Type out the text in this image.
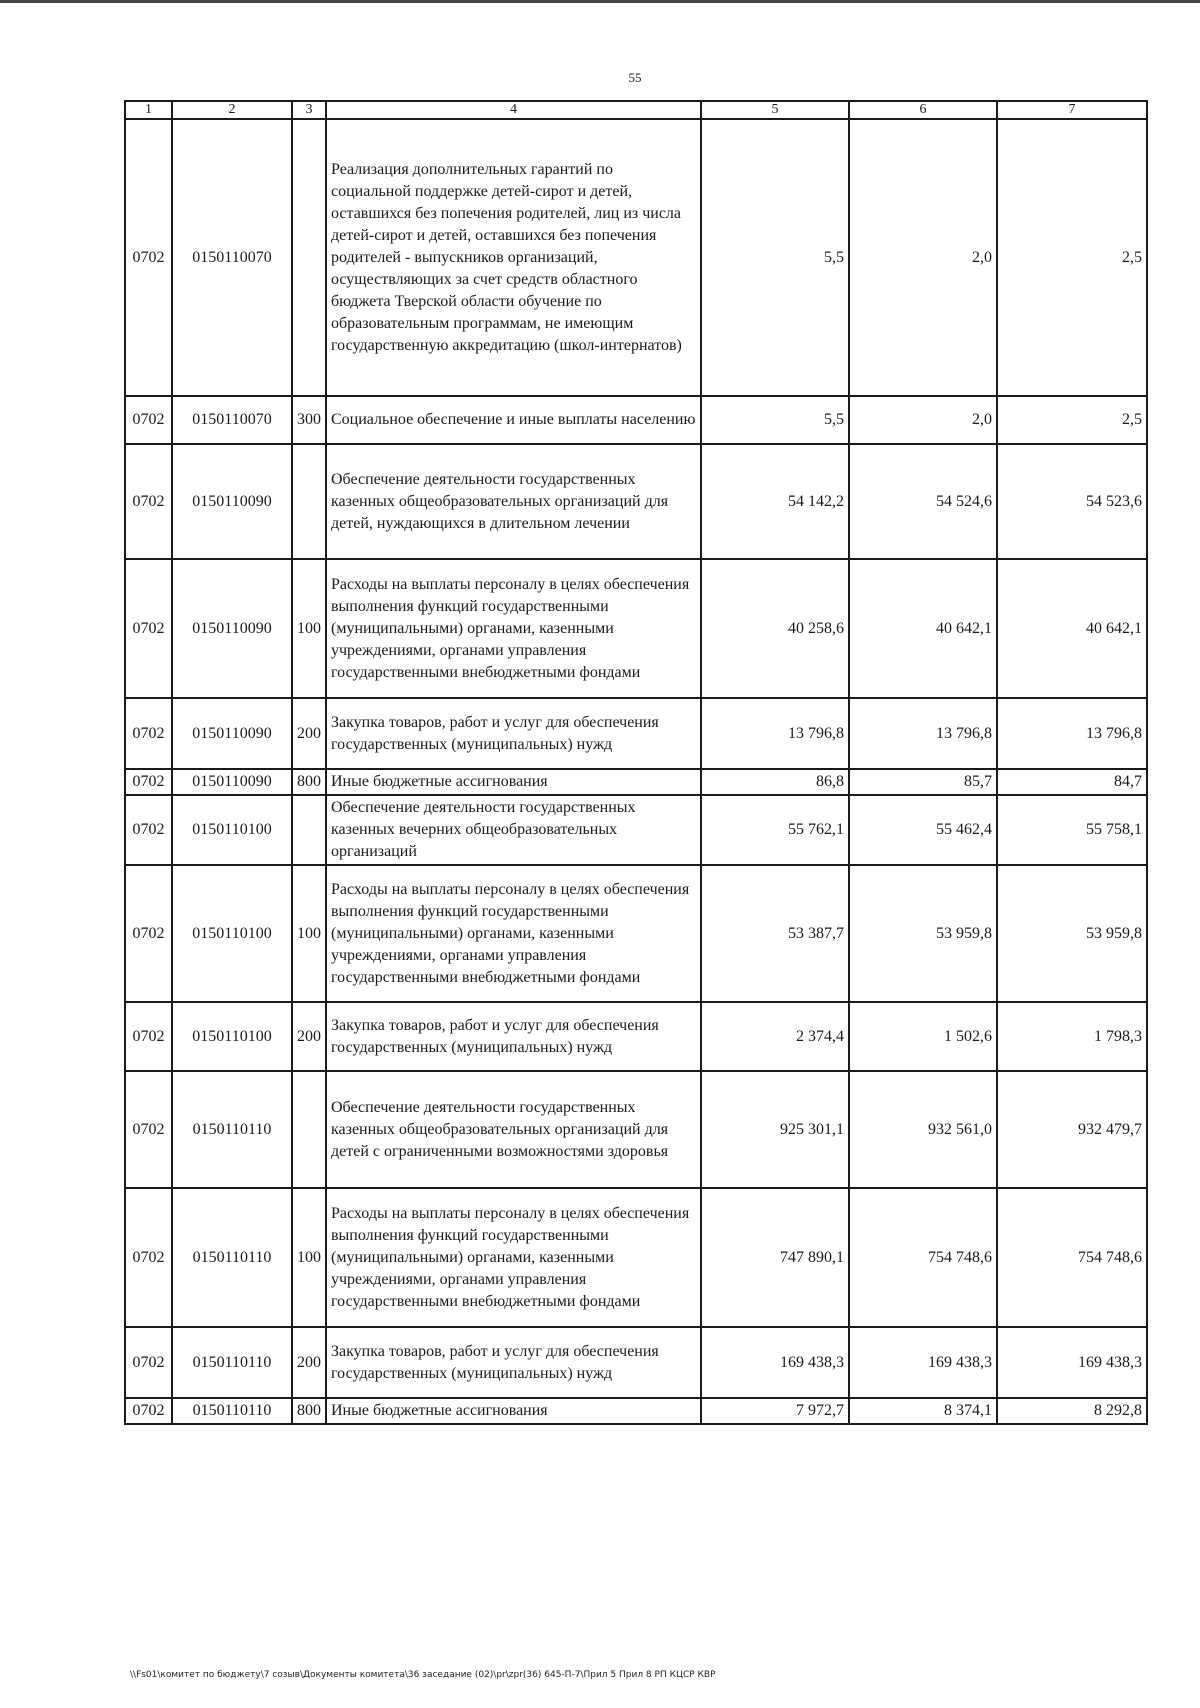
55
1	2	3	4	5	6	7
0702	0150110070		Реализация дополнительных гарантий по социальной поддержке детей-сирот и детей, оставшихся без попечения родителей, лиц из числа детей-сирот и детей, оставшихся без попечения родителей - выпускников организаций, осуществляющих за счет средств областного бюджета Тверской области обучение по образовательным программам, не имеющим государственную аккредитацию (школ-интернатов)	5,5	2,0	2,5
0702	0150110070	300	Социальное обеспечение и иные выплаты населению	5,5	2,0	2,5
0702	0150110090		Обеспечение деятельности государственных казенных общеобразовательных организаций для детей, нуждающихся в длительном лечении	54 142,2	54 524,6	54 523,6
0702	0150110090	100	Расходы на выплаты персоналу в целях обеспечения выполнения функций государственными (муниципальными) органами, казенными учреждениями, органами управления государственными внебюджетными фондами	40 258,6	40 642,1	40 642,1
0702	0150110090	200	Закупка товаров, работ и услуг для обеспечения государственных (муниципальных) нужд	13 796,8	13 796,8	13 796,8
0702	0150110090	800	Иные бюджетные ассигнования	86,8	85,7	84,7
0702	0150110100		Обеспечение деятельности государственных казенных вечерних общеобразовательных организаций	55 762,1	55 462,4	55 758,1
0702	0150110100	100	Расходы на выплаты персоналу в целях обеспечения выполнения функций государственными (муниципальными) органами, казенными учреждениями, органами управления государственными внебюджетными фондами	53 387,7	53 959,8	53 959,8
0702	0150110100	200	Закупка товаров, работ и услуг для обеспечения государственных (муниципальных) нужд	2 374,4	1 502,6	1 798,3
0702	0150110110		Обеспечение деятельности государственных казенных общеобразовательных организаций для детей с ограниченными возможностями здоровья	925 301,1	932 561,0	932 479,7
0702	0150110110	100	Расходы на выплаты персоналу в целях обеспечения выполнения функций государственными (муниципальными) органами, казенными учреждениями, органами управления государственными внебюджетными фондами	747 890,1	754 748,6	754 748,6
0702	0150110110	200	Закупка товаров, работ и услуг для обеспечения государственных (муниципальных) нужд	169 438,3	169 438,3	169 438,3
0702	0150110110	800	Иные бюджетные ассигнования	7 972,7	8 374,1	8 292,8
\\Fs01\комитет по бюджету\7 созыв\Документы комитета\36 заседание (02)\pr\zpr(36) 645-П-7\Прил 5 Прил 8 РП КЦСР КВР
